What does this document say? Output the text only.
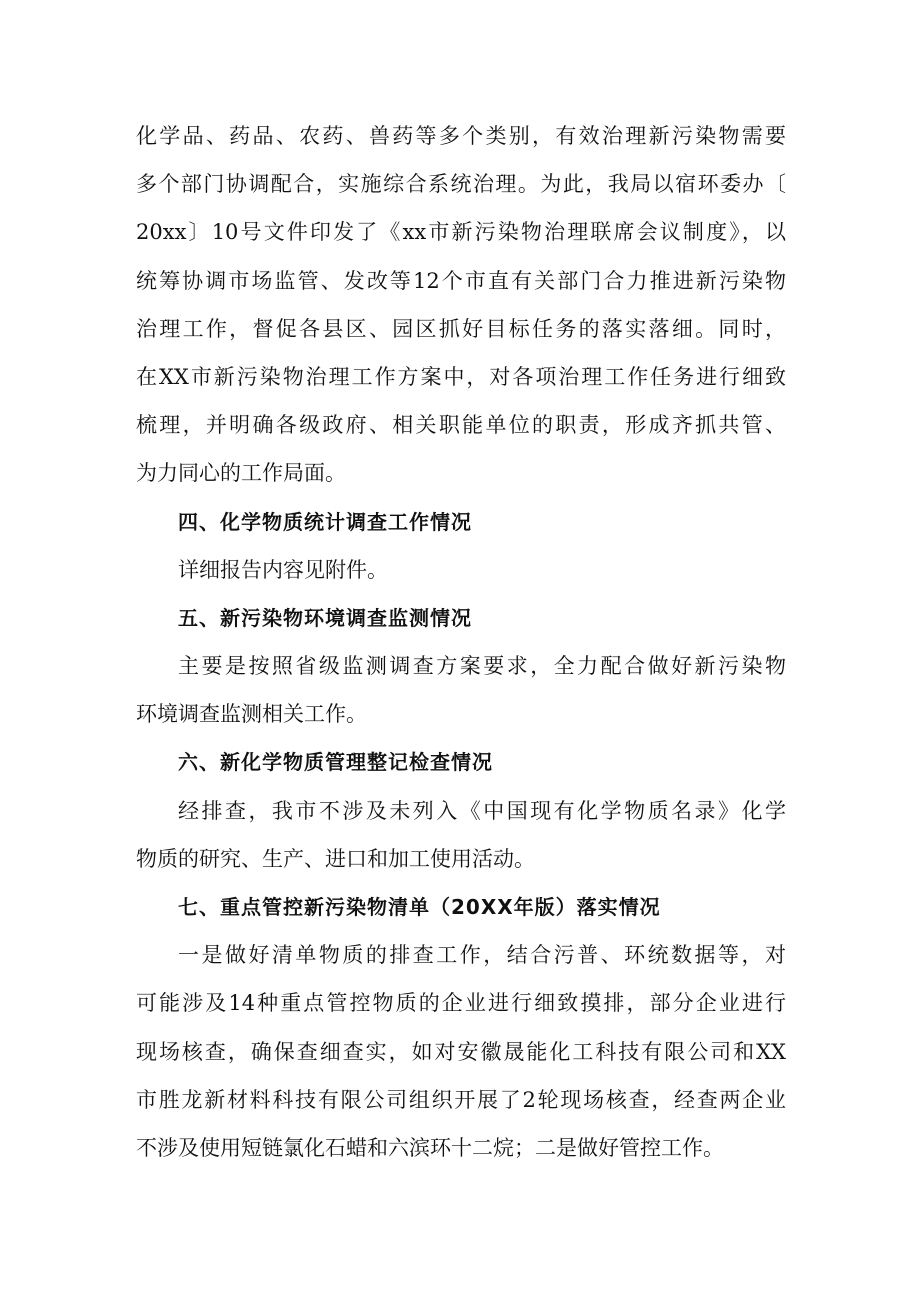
化学品、药品、农药、兽药等多个类别，有效治理新污染物需要
多个部门协调配合，实施综合系统治理。为此，我局以宿环委办〔
20xx〕10号文件印发了《xx市新污染物治理联席会议制度》，以
统筹协调市场监管、发改等12个市直有关部门合力推进新污染物
治理工作，督促各县区、园区抓好目标任务的落实落细。同时，
在XX市新污染物治理工作方案中，对各项治理工作任务进行细致
梳理，并明确各级政府、相关职能单位的职责，形成齐抓共管、
为力同心的工作局面。
四、化学物质统计调查工作情况
详细报告内容见附件。
五、新污染物环境调查监测情况
主要是按照省级监测调查方案要求，全力配合做好新污染物
环境调查监测相关工作。
六、新化学物质管理整记检查情况
经排查，我市不涉及未列入《中国现有化学物质名录》化学
物质的研究、生产、进口和加工使用活动。
七、重点管控新污染物清单（20XX年版）落实情况
一是做好清单物质的排查工作，结合污普、环统数据等，对
可能涉及14种重点管控物质的企业进行细致摸排，部分企业进行
现场核查，确保查细查实，如对安徽晟能化工科技有限公司和XX
市胜龙新材料科技有限公司组织开展了2轮现场核查，经查两企业
不涉及使用短链氯化石蜡和六滨环十二烷；二是做好管控工作。
